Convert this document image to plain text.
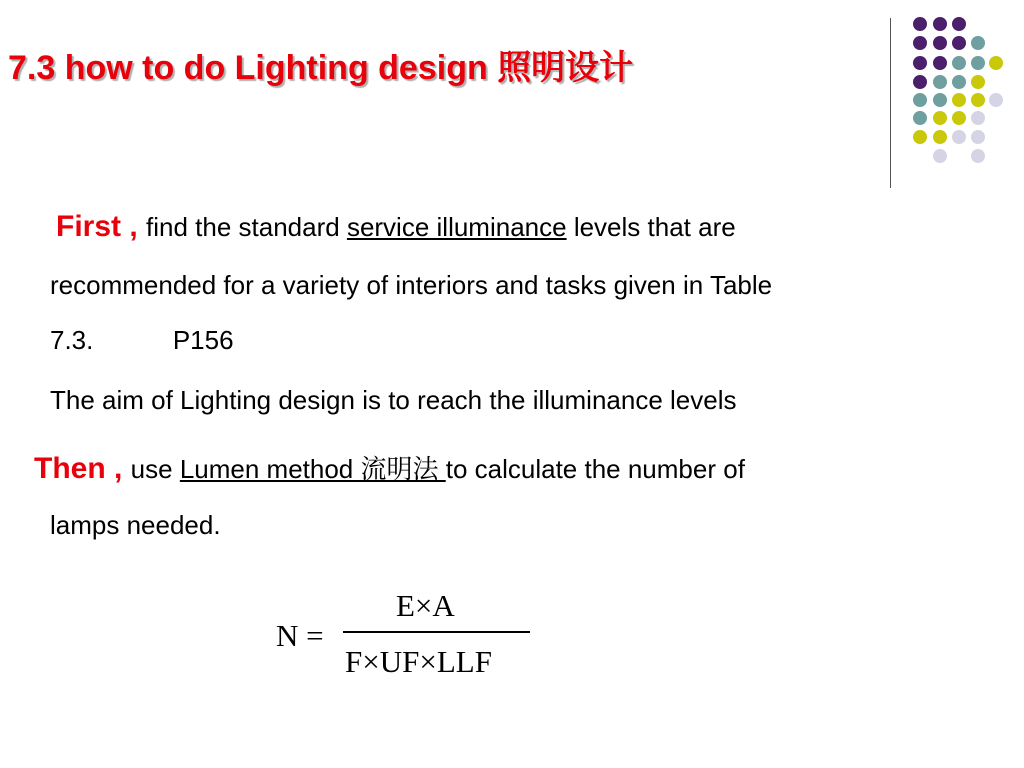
7.3 how to do Lighting design 照明设计
First , find the standard service illuminance levels that are
recommended for a variety of interiors and tasks given in Table
7.3.           P156
The aim of Lighting design is to reach the illuminance levels
Then , use Lumen method 流明法 to calculate the number of
lamps needed.
N =
E×A
F×UF×LLF
